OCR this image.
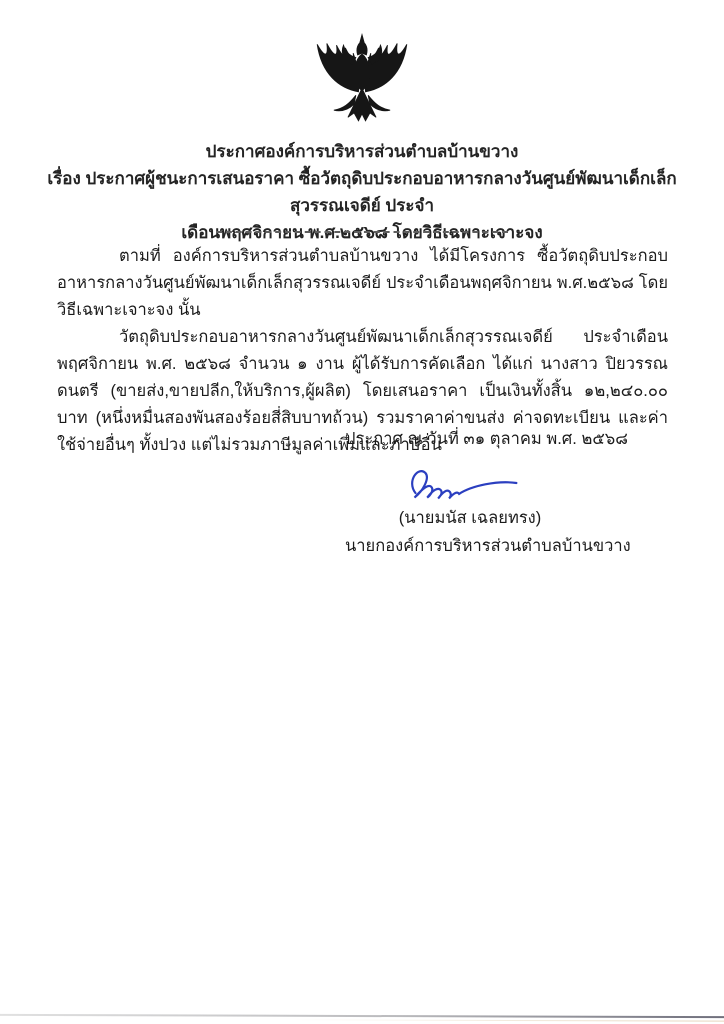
ประกาศองค์การบริหารส่วนตำบลบ้านขวาง
เรื่อง ประกาศผู้ชนะการเสนอราคา ซื้อวัตถุดิบประกอบอาหารกลางวันศูนย์พัฒนาเด็กเล็กสุวรรณเจดีย์ ประจำ
เดือนพฤศจิกายน พ.ศ.๒๕๖๘ โดยวิธีเฉพาะเจาะจง

ตามที่ องค์การบริหารส่วนตำบลบ้านขวาง ได้มีโครงการ ซื้อวัตถุดิบประกอบอาหารกลางวันศูนย์พัฒนาเด็กเล็กสุวรรณเจดีย์ ประจำเดือนพฤศจิกายน พ.ศ.๒๕๖๘ โดยวิธีเฉพาะเจาะจง นั้น

วัตถุดิบประกอบอาหารกลางวันศูนย์พัฒนาเด็กเล็กสุวรรณเจดีย์ ประจำเดือนพฤศจิกายน พ.ศ. ๒๕๖๘ จำนวน ๑ งาน ผู้ได้รับการคัดเลือก ได้แก่ นางสาว ปิยวรรณ ดนตรี (ขายส่ง,ขายปลีก,ให้บริการ,ผู้ผลิต) โดยเสนอราคา เป็นเงินทั้งสิ้น ๑๒,๒๔๐.๐๐ บาท (หนึ่งหมื่นสองพันสองร้อยสี่สิบบาทถ้วน) รวมราคาค่าขนส่ง ค่าจดทะเบียน และค่าใช้จ่ายอื่นๆ ทั้งปวง แต่ไม่รวมภาษีมูลค่าเพิ่มและภาษีอื่น

ประกาศ ณ วันที่ ๓๑ ตุลาคม พ.ศ. ๒๕๖๘
(นายมนัส เฉลยทรง)
นายกองค์การบริหารส่วนตำบลบ้านขวาง
